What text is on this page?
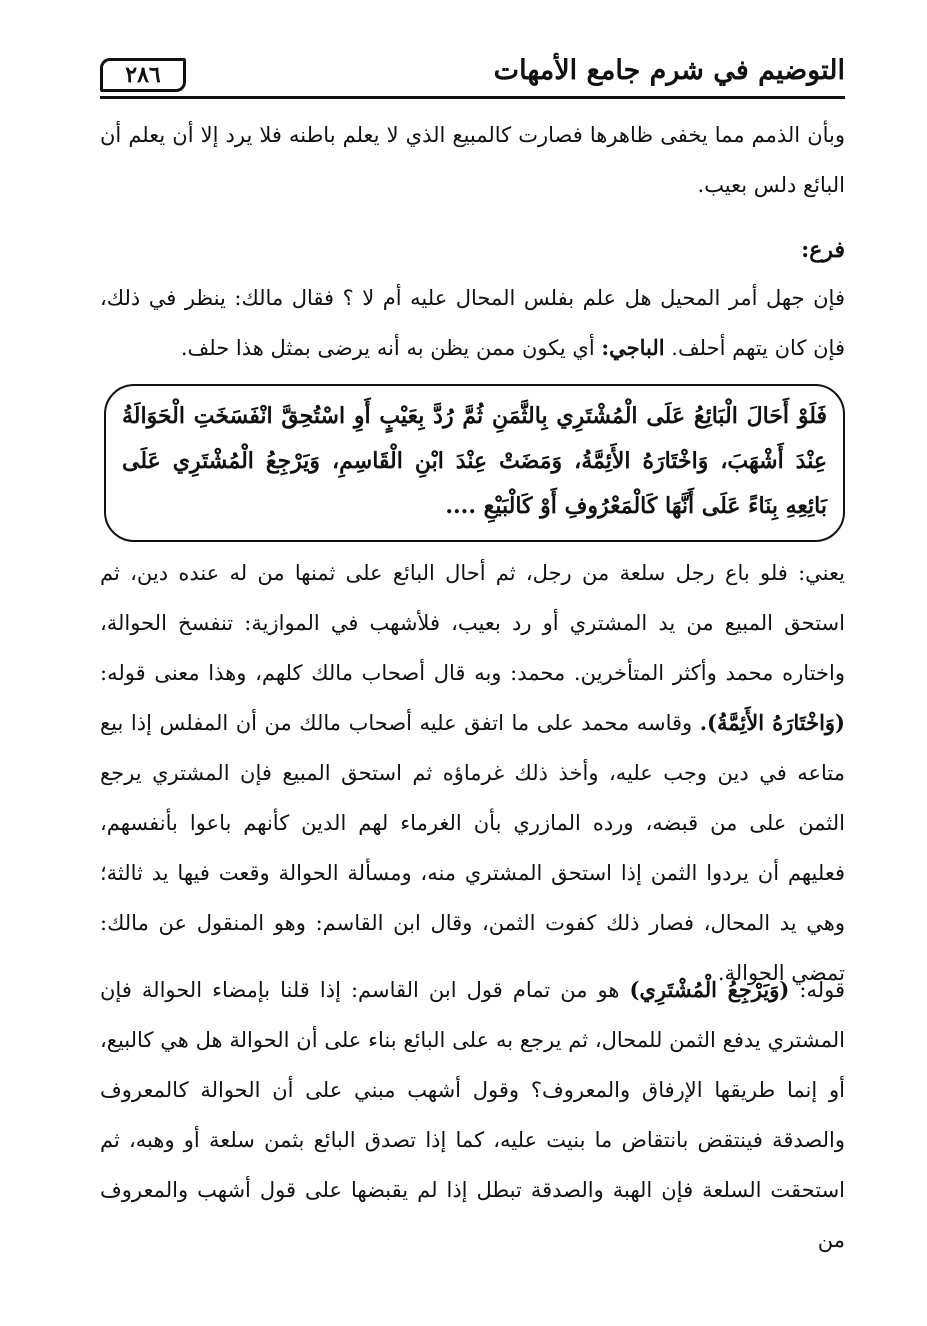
٢٨٦	التوضيم في شرم جامع الأمهات
وبأن الذمم مما يخفى ظاهرها فصارت كالمبيع الذي لا يعلم باطنه فلا يرد إلا أن يعلم أن البائع دلس بعيب.
فرع:
فإن جهل أمر المحيل هل علم بفلس المحال عليه أم لا ؟ فقال مالك: ينظر في ذلك، فإن كان يتهم أحلف. الباجي: أي يكون ممن يظن به أنه يرضى بمثل هذا حلف.
فَلَوْ أَحَالَ الْبَائِعُ عَلَى الْمُشْتَرِي بِالثَّمَنِ ثُمَّ رُدَّ بِعَيْبٍ أَوِ اسْتُحِقَّ انْفَسَخَتِ الْحَوَالَةُ عِنْدَ أَشْهَبَ، وَاخْتَارَهُ الأَئِمَّةُ، وَمَضَتْ عِنْدَ ابْنِ الْقَاسِمِ، وَيَرْجِعُ الْمُشْتَرِي عَلَى بَائِعِهِ بِنَاءً عَلَى أَنَّهَا كَالْمَعْرُوفِ أَوْ كَالْبَيْعِ ....
يعني: فلو باع رجل سلعة من رجل، ثم أحال البائع على ثمنها من له عنده دين، ثم استحق المبيع من يد المشتري أو رد بعيب، فلأشهب في الموازية: تنفسخ الحوالة، واختاره محمد وأكثر المتأخرين. محمد: وبه قال أصحاب مالك كلهم، وهذا معنى قوله: (وَاخْتَارَهُ الأَئِمَّةُ). وقاسه محمد على ما اتفق عليه أصحاب مالك من أن المفلس إذا بيع متاعه في دين وجب عليه، وأخذ ذلك غرماؤه ثم استحق المبيع فإن المشتري يرجع الثمن على من قبضه، ورده المازري بأن الغرماء لهم الدين كأنهم باعوا بأنفسهم، فعليهم أن يردوا الثمن إذا استحق المشتري منه، ومسألة الحوالة وقعت فيها يد ثالثة؛ وهي يد المحال، فصار ذلك كفوت الثمن، وقال ابن القاسم: وهو المنقول عن مالك: تمضي الحوالة.
قوله: (وَيَرْجِعُ الْمُشْتَرِي) هو من تمام قول ابن القاسم: إذا قلنا بإمضاء الحوالة فإن المشتري يدفع الثمن للمحال، ثم يرجع به على البائع بناء على أن الحوالة هل هي كالبيع، أو إنما طريقها الإرفاق والمعروف؟ وقول أشهب مبني على أن الحوالة كالمعروف والصدقة فينتقض بانتقاض ما بنيت عليه، كما إذا تصدق البائع بثمن سلعة أو وهبه، ثم استحقت السلعة فإن الهبة والصدقة تبطل إذا لم يقبضها على قول أشهب والمعروف من
